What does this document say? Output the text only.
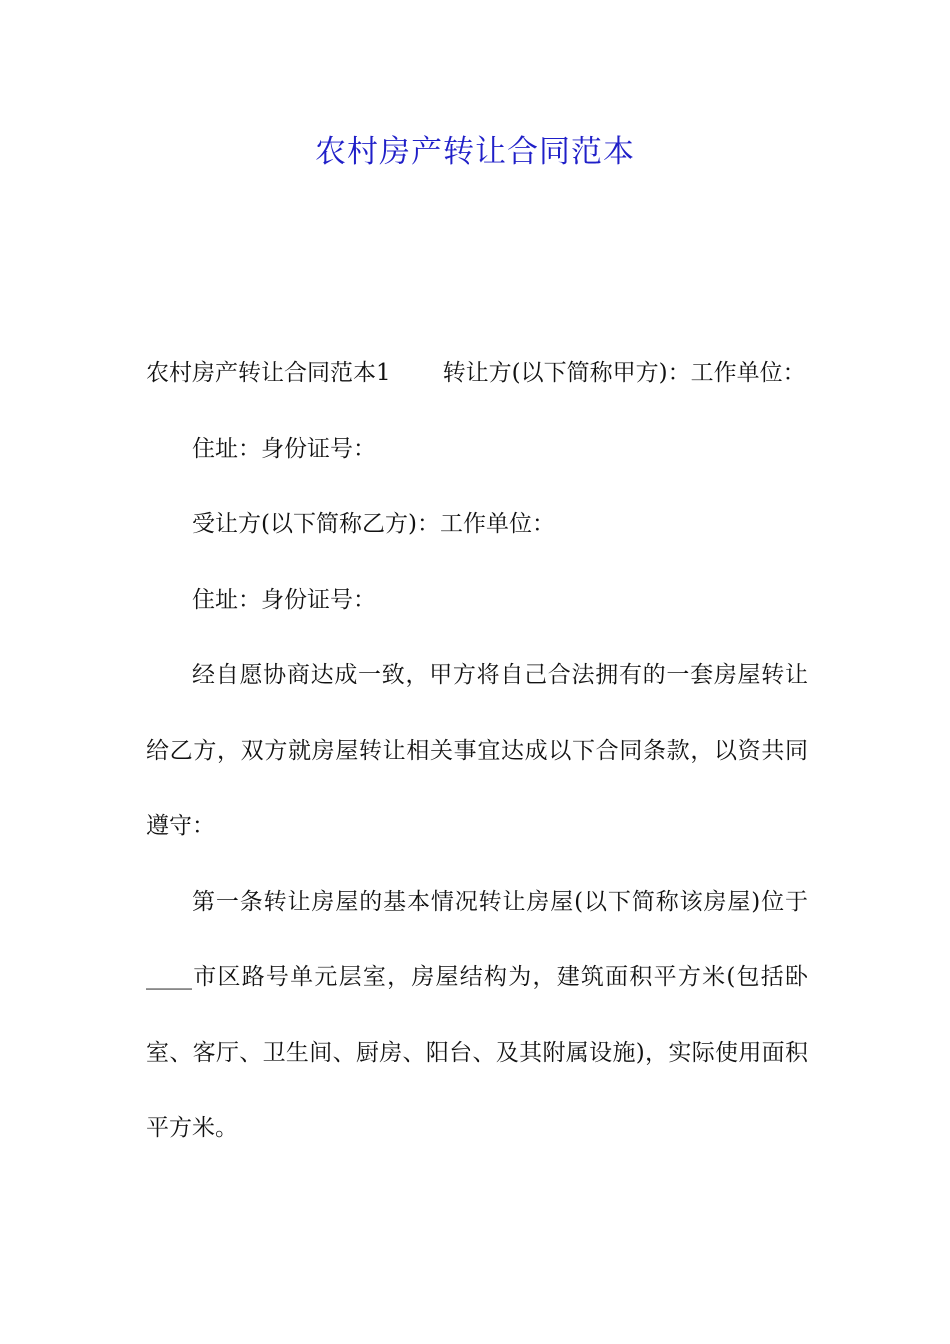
农村房产转让合同范本

农村房产转让合同范本1 转让方(以下简称甲方)：工作单位：

住址：身份证号：

受让方(以下简称乙方)：工作单位：

住址：身份证号：

经自愿协商达成一致，甲方将自己合法拥有的一套房屋转让给乙方，双方就房屋转让相关事宜达成以下合同条款，以资共同遵守：

第一条转让房屋的基本情况转让房屋(以下简称该房屋)位于____市区路号单元层室，房屋结构为，建筑面积平方米(包括卧室、客厅、卫生间、厨房、阳台、及其附属设施)，实际使用面积平方米。
